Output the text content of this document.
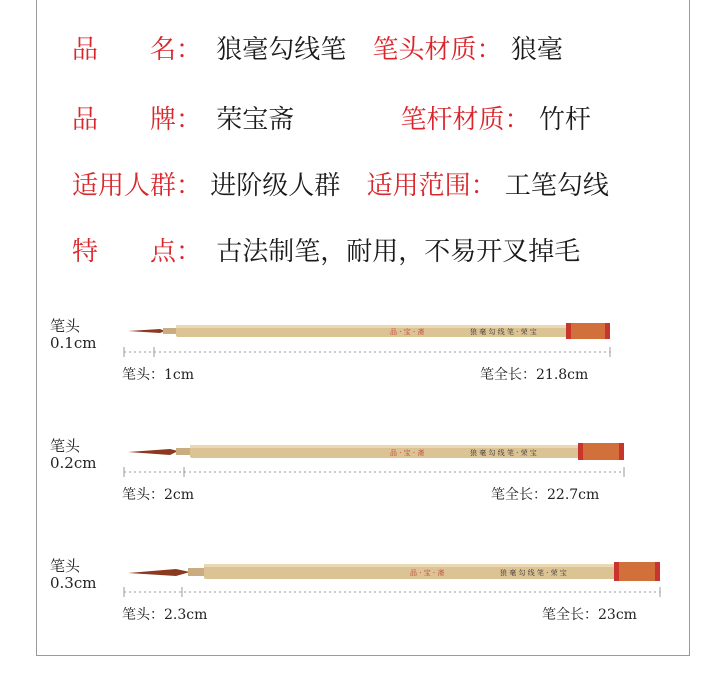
品 名： 狼毫勾线笔 笔头材质： 狼毫
品 牌： 荣宝斋	笔杆材质： 竹杆
适用人群： 进阶级人群 适用范围： 工笔勾线
特 点： 古法制笔，耐用，不易开叉掉毛
笔头
0.1cm
品 · 宝 · 斋	狼 毫 勾 线 笔 · 荣 宝
笔头：1cm	笔全长：21.8cm
笔头
0.2cm
品 · 宝 · 斋	狼 毫 勾 线 笔 · 荣 宝
笔头：2cm	笔全长：22.7cm
笔头
0.3cm
品 · 宝 · 斋	狼 毫 勾 线 笔 · 荣 宝
笔头：2.3cm	笔全长：23cm
